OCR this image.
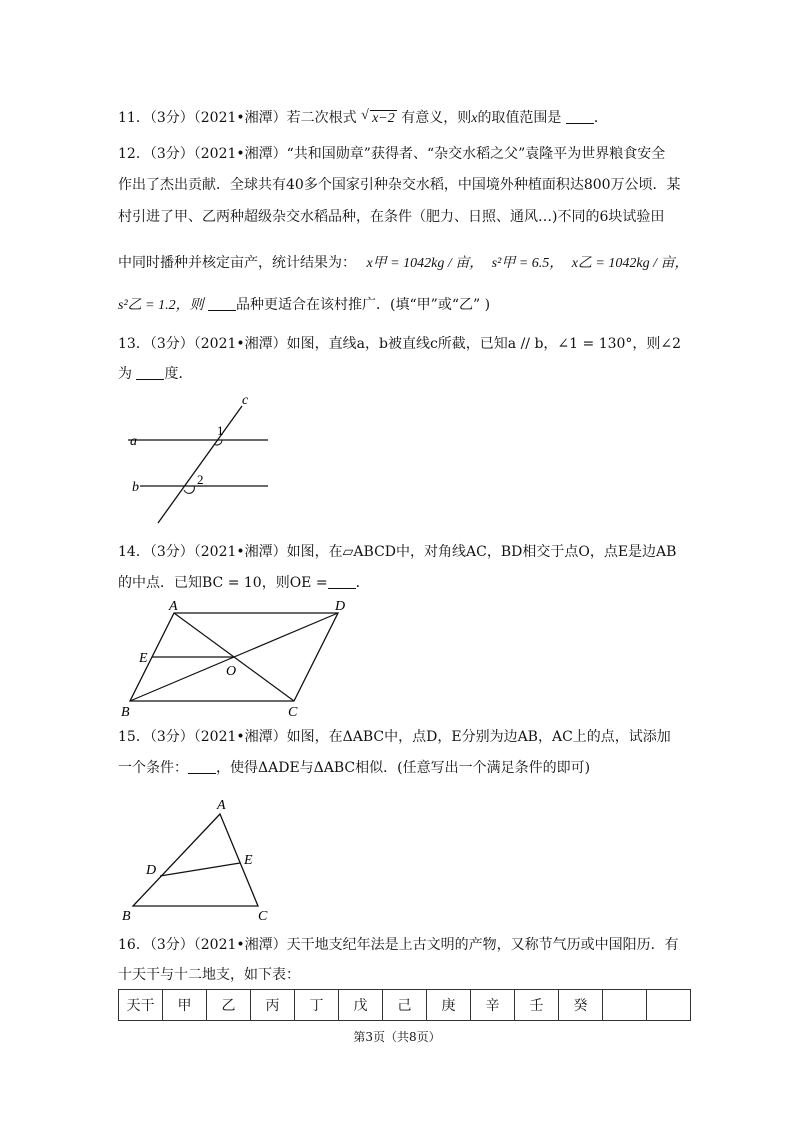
11．（3分）（2021•湘潭）若二次根式 √ x−2 有意义，则x的取值范围是 ．
12．（3分）（2021•湘潭）“共和国勋章”获得者、“杂交水稻之父”袁隆平为世界粮食安全
作出了杰出贡献．全球共有40多个国家引种杂交水稻，中国境外种植面积达800万公顷．某
村引进了甲、乙两种超级杂交水稻品种，在条件（肥力、日照、通风…)不同的6块试验田
中同时播种并核定亩产，统计结果为： x甲 = 1042kg / 亩， s²甲 = 6.5， x乙 = 1042kg / 亩，
s²乙 = 1.2，则 品种更适合在该村推广．(填“甲”或“乙” )
13．（3分）（2021•湘潭）如图，直线a，b被直线c所截，已知a // b，∠1 = 130°，则∠2
为 度．
a
b
c
1
2
14．（3分）（2021•湘潭）如图，在▱ABCD中，对角线AC，BD相交于点O，点E是边AB
的中点．已知BC = 10，则OE = ．
A	D
B	C
E
O
15．（3分）（2021•湘潭）如图，在ΔABC中，点D，E分别为边AB，AC上的点，试添加
一个条件： ，使得ΔADE与ΔABC相似．(任意写出一个满足条件的即可)
A
B	C
D
E
16．（3分）（2021•湘潭）天干地支纪年法是上古文明的产物，又称节气历或中国阳历．有
十天干与十二地支，如下表：
天干	甲	乙	丙	丁	戊	己	庚	辛	壬	癸		
第3页（共8页）
